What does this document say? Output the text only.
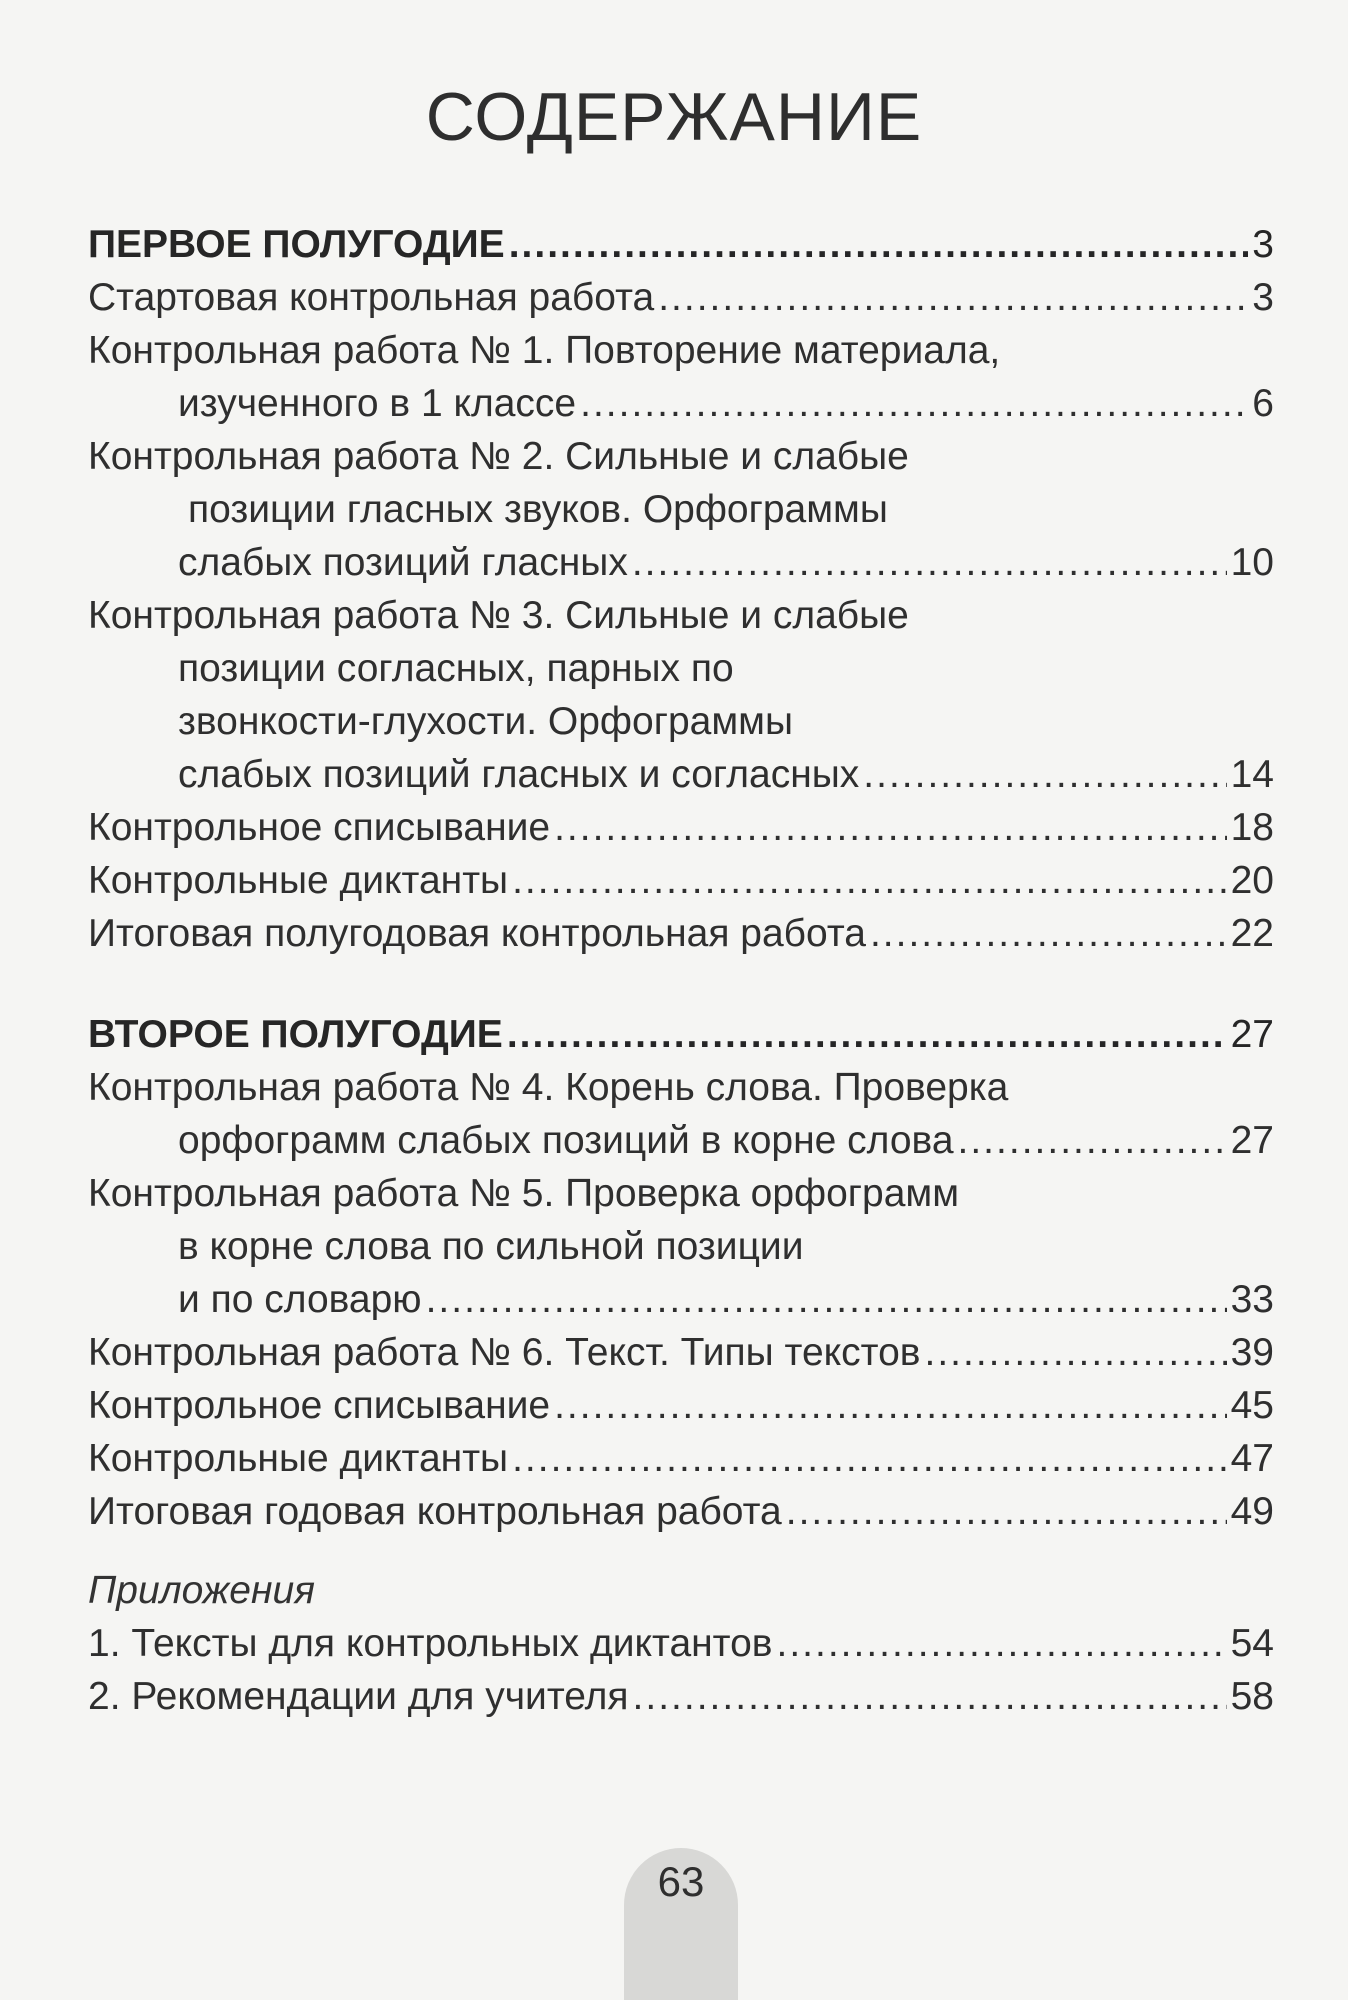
СОДЕРЖАНИЕ
ПЕРВОЕ ПОЛУГОДИЕ .....	3
Стартовая контрольная работа .....	3
Контрольная работа № 1. Повторение материала,
изученного в 1 классе .....	6
Контрольная работа № 2. Сильные и слабые
позиции гласных звуков. Орфограммы
слабых позиций гласных .....	10
Контрольная работа № 3. Сильные и слабые
позиции согласных, парных по
звонкости-глухости. Орфограммы
слабых позиций гласных и согласных .....	14
Контрольное списывание .....	18
Контрольные диктанты .....	20
Итоговая полугодовая контрольная работа .....	22
ВТОРОЕ ПОЛУГОДИЕ .....	27
Контрольная работа № 4. Корень слова. Проверка
орфограмм слабых позиций в корне слова .....	27
Контрольная работа № 5. Проверка орфограмм
в корне слова по сильной позиции
и по словарю .....	33
Контрольная работа № 6. Текст. Типы текстов .....	39
Контрольное списывание .....	45
Контрольные диктанты .....	47
Итоговая годовая контрольная работа .....	49
Приложения
1. Тексты для контрольных диктантов .....	54
2. Рекомендации для учителя .....	58
63
